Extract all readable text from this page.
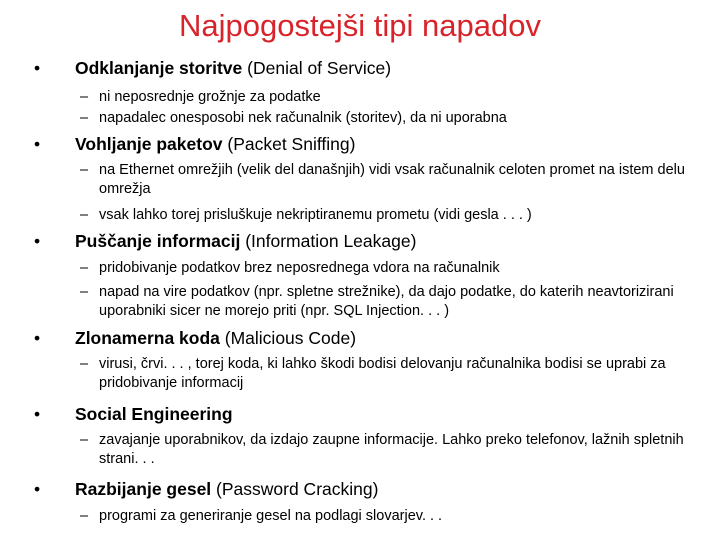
Najpogostejši tipi napadov
• Odklanjanje storitve (Denial of Service)
– ni neposrednje grožnje za podatke
– napadalec onesposobi nek računalnik (storitev), da ni uporabna
• Vohljanje paketov (Packet Sniffing)
– na Ethernet omrežjih (velik del današnjih) vidi vsak računalnik celoten promet na istem delu omrežja
– vsak lahko torej prisluškuje nekriptiranemu prometu (vidi gesla . . . )
• Puščanje informacij (Information Leakage)
– pridobivanje podatkov brez neposrednega vdora na računalnik
– napad na vire podatkov (npr. spletne strežnike), da dajo podatke, do katerih neavtorizirani uporabniki sicer ne morejo priti (npr. SQL Injection. . . )
• Zlonamerna koda (Malicious Code)
– virusi, črvi. . . , torej koda, ki lahko škodi bodisi delovanju računalnika bodisi se uprabi za pridobivanje informacij
• Social Engineering
– zavajanje uporabnikov, da izdajo zaupne informacije. Lahko preko telefonov, lažnih spletnih strani. . .
• Razbijanje gesel (Password Cracking)
– programi za generiranje gesel na podlagi slovarjev. . .
